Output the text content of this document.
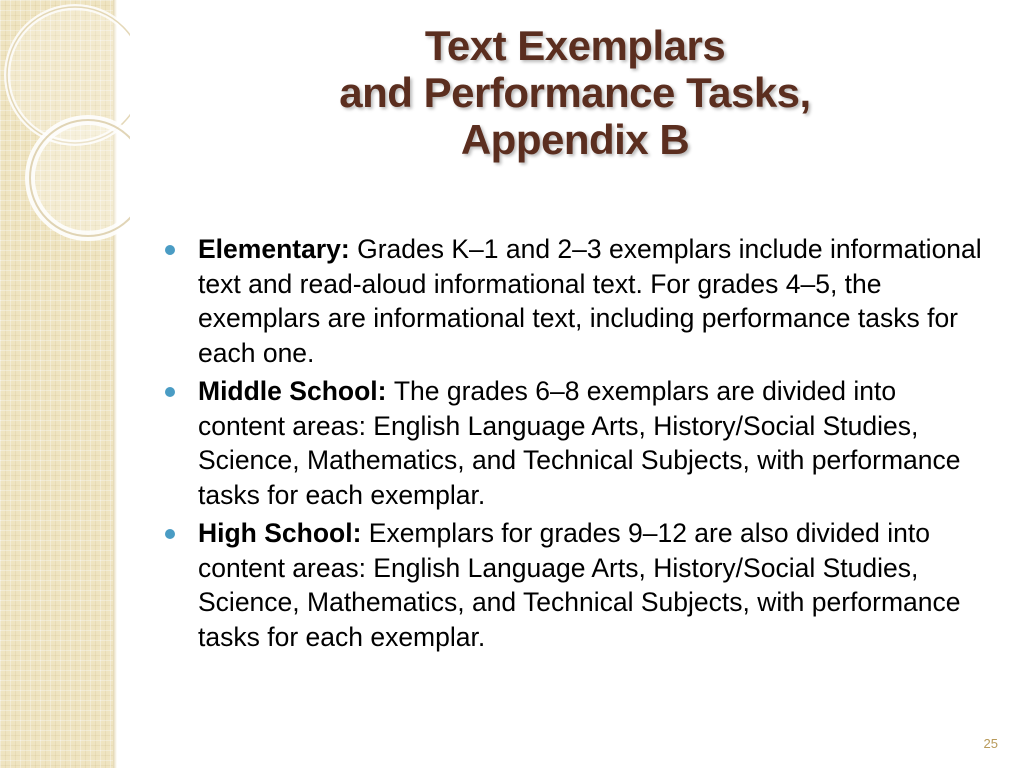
Text Exemplars
and Performance Tasks,
Appendix B
Elementary: Grades K–1 and 2–3 exemplars include informational text and read-aloud informational text. For grades 4–5, the exemplars are informational text, including performance tasks for each one.
Middle School: The grades 6–8 exemplars are divided into content areas: English Language Arts, History/Social Studies, Science, Mathematics, and Technical Subjects, with performance tasks for each exemplar.
High School: Exemplars for grades 9–12 are also divided into content areas: English Language Arts, History/Social Studies, Science, Mathematics, and Technical Subjects, with performance tasks for each exemplar.
25
